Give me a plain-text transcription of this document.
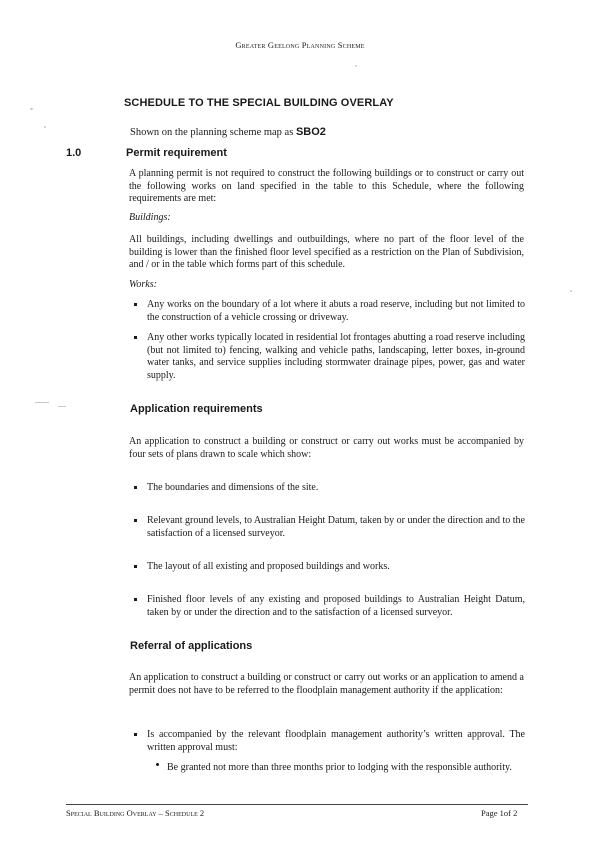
Greater Geelong Planning Scheme
SCHEDULE TO THE SPECIAL BUILDING OVERLAY
Shown on the planning scheme map as SBO2
1.0	Permit requirement
A planning permit is not required to construct the following buildings or to construct or carry out the following works on land specified in the table to this Schedule, where the following requirements are met:
Buildings:
All buildings, including dwellings and outbuildings, where no part of the floor level of the building is lower than the finished floor level specified as a restriction on the Plan of Subdivision, and / or in the table which forms part of this schedule.
Works:
Any works on the boundary of a lot where it abuts a road reserve, including but not limited to the construction of a vehicle crossing or driveway.
Any other works typically located in residential lot frontages abutting a road reserve including (but not limited to) fencing, walking and vehicle paths, landscaping, letter boxes, in-ground water tanks, and service supplies including stormwater drainage pipes, power, gas and water supply.
Application requirements
An application to construct a building or construct or carry out works must be accompanied by four sets of plans drawn to scale which show:
The boundaries and dimensions of the site.
Relevant ground levels, to Australian Height Datum, taken by or under the direction and to the satisfaction of a licensed surveyor.
The layout of all existing and proposed buildings and works.
Finished floor levels of any existing and proposed buildings to Australian Height Datum, taken by or under the direction and to the satisfaction of a licensed surveyor.
Referral of applications
An application to construct a building or construct or carry out works or an application to amend a permit does not have to be referred to the floodplain management authority if the application:
Is accompanied by the relevant floodplain management authority’s written approval. The written approval must:
Be granted not more than three months prior to lodging with the responsible authority.
Special Building Overlay – Schedule 2	Page 1of 2
